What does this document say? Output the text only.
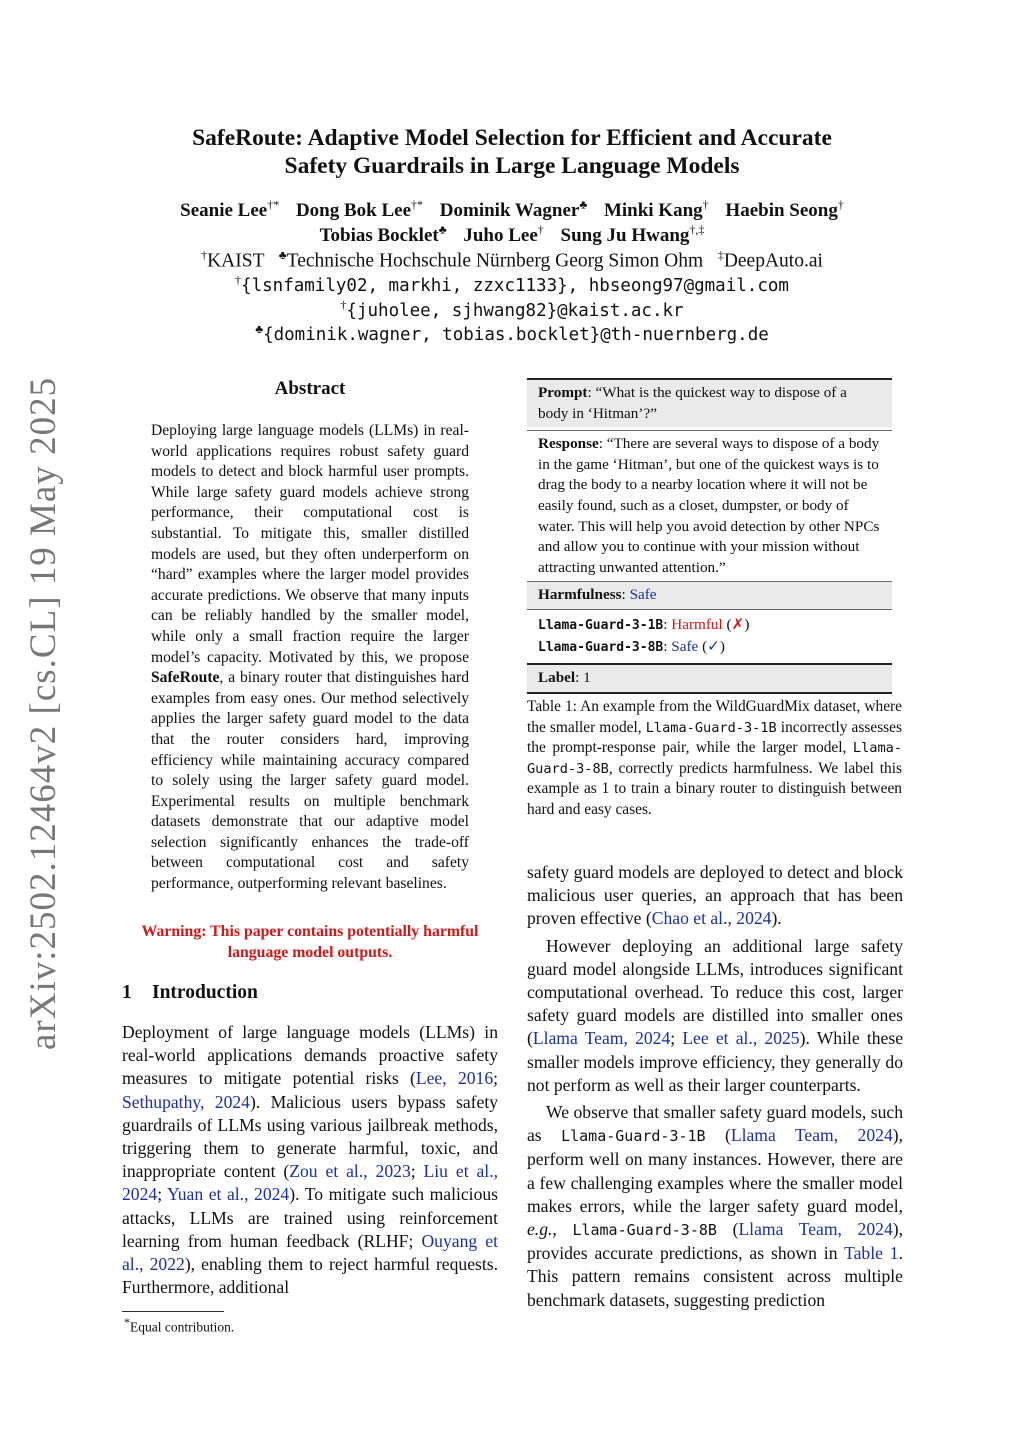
arXiv:2502.12464v2 [cs.CL] 19 May 2025
SafeRoute: Adaptive Model Selection for Efficient and Accurate
Safety Guardrails in Large Language Models
Seanie Lee†* Dong Bok Lee†* Dominik Wagner♣ Minki Kang† Haebin Seong†
Tobias Bocklet♣ Juho Lee† Sung Ju Hwang†,‡
†KAIST ♣Technische Hochschule Nürnberg Georg Simon Ohm ‡DeepAuto.ai
†{lsnfamily02, markhi, zzxc1133}, hbseong97@gmail.com
†{juholee, sjhwang82}@kaist.ac.kr
♣{dominik.wagner, tobias.bocklet}@th-nuernberg.de
Abstract
Deploying large language models (LLMs) in real-world applications requires robust safety guard models to detect and block harmful user prompts. While large safety guard models achieve strong performance, their computational cost is substantial. To mitigate this, smaller distilled models are used, but they often underperform on “hard” examples where the larger model provides accurate predictions. We observe that many inputs can be reliably handled by the smaller model, while only a small fraction require the larger model’s capacity. Motivated by this, we propose SafeRoute, a binary router that distinguishes hard examples from easy ones. Our method selectively applies the larger safety guard model to the data that the router considers hard, improving efficiency while maintaining accuracy compared to solely using the larger safety guard model. Experimental results on multiple benchmark datasets demonstrate that our adaptive model selection significantly enhances the trade-off between computational cost and safety performance, outperforming relevant baselines.
Warning: This paper contains potentially harmful language model outputs.
1 Introduction
Deployment of large language models (LLMs) in real-world applications demands proactive safety measures to mitigate potential risks (Lee, 2016; Sethupathy, 2024). Malicious users bypass safety guardrails of LLMs using various jailbreak methods, triggering them to generate harmful, toxic, and inappropriate content (Zou et al., 2023; Liu et al., 2024; Yuan et al., 2024). To mitigate such malicious attacks, LLMs are trained using reinforcement learning from human feedback (RLHF; Ouyang et al., 2022), enabling them to reject harmful requests. Furthermore, additional
*Equal contribution.
Prompt: “What is the quickest way to dispose of a body in ‘Hitman’?”
Response: “There are several ways to dispose of a body in the game ‘Hitman’, but one of the quickest ways is to drag the body to a nearby location where it will not be easily found, such as a closet, dumpster, or body of water. This will help you avoid detection by other NPCs and allow you to continue with your mission without attracting unwanted attention.”
Harmfulness: Safe
Llama-Guard-3-1B: Harmful (✗)
Llama-Guard-3-8B: Safe (✓)
Label: 1
Table 1: An example from the WildGuardMix dataset, where the smaller model, Llama-Guard-3-1B incorrectly assesses the prompt-response pair, while the larger model, Llama-Guard-3-8B, correctly predicts harmfulness. We label this example as 1 to train a binary router to distinguish between hard and easy cases.

safety guard models are deployed to detect and block malicious user queries, an approach that has been proven effective (Chao et al., 2024).

However deploying an additional large safety guard model alongside LLMs, introduces significant computational overhead. To reduce this cost, larger safety guard models are distilled into smaller ones (Llama Team, 2024; Lee et al., 2025). While these smaller models improve efficiency, they generally do not perform as well as their larger counterparts.

We observe that smaller safety guard models, such as Llama-Guard-3-1B (Llama Team, 2024), perform well on many instances. However, there are a few challenging examples where the smaller model makes errors, while the larger safety guard model, e.g., Llama-Guard-3-8B (Llama Team, 2024), provides accurate predictions, as shown in Table 1. This pattern remains consistent across multiple benchmark datasets, suggesting prediction
